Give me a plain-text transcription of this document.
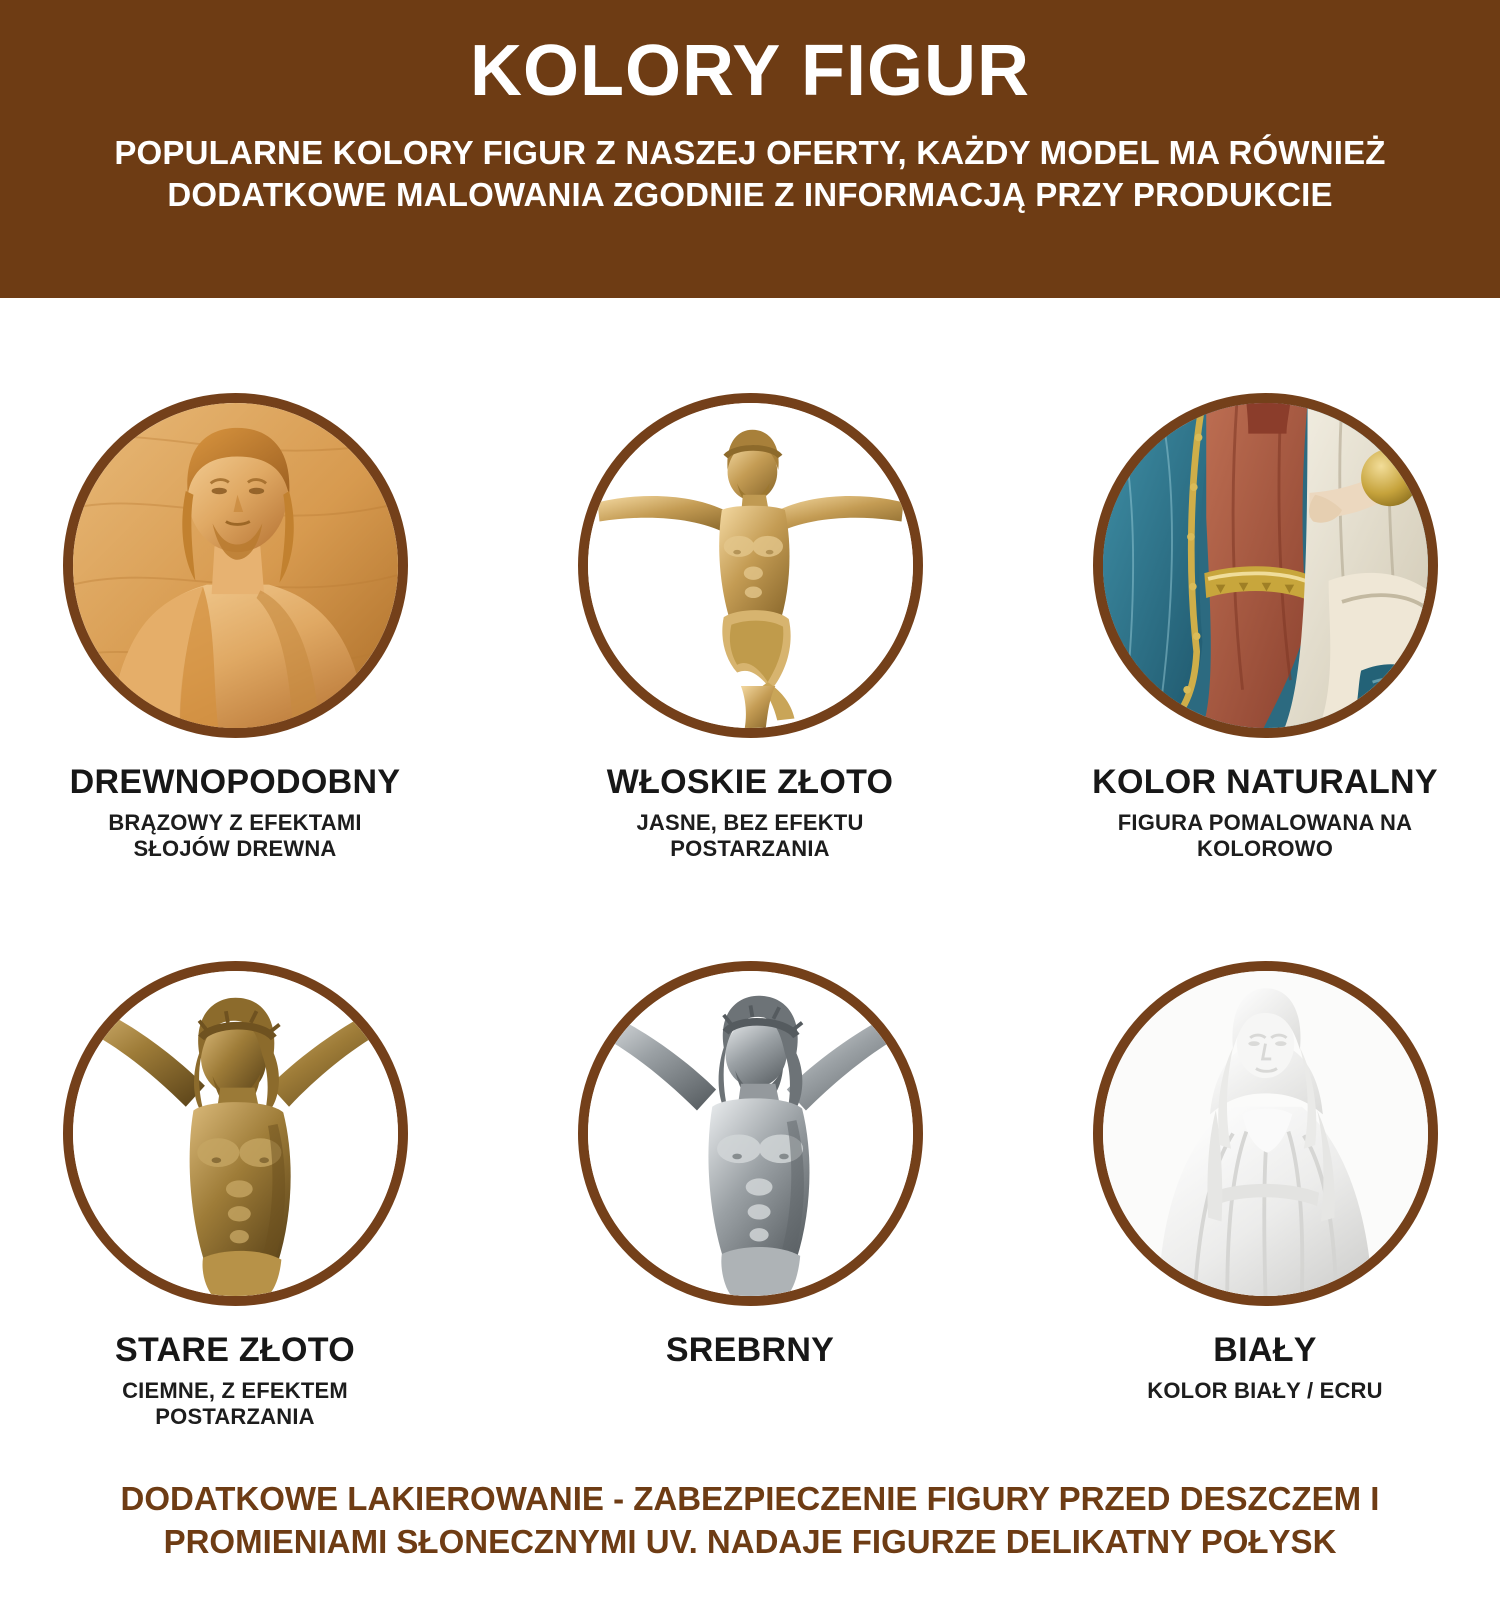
KOLORY FIGUR
POPULARNE KOLORY FIGUR Z NASZEJ OFERTY, KAŻDY MODEL MA RÓWNIEŻ DODATKOWE MALOWANIA ZGODNIE Z INFORMACJĄ PRZY PRODUKCIE
DREWNOPODOBNY
BRĄZOWY Z EFEKTAMI SŁOJÓW DREWNA
WŁOSKIE ZŁOTO
JASNE, BEZ EFEKTU POSTARZANIA
KOLOR NATURALNY
FIGURA POMALOWANA NA KOLOROWO
STARE ZŁOTO
CIEMNE, Z EFEKTEM POSTARZANIA
SREBRNY	BIAŁY
KOLOR BIAŁY / ECRU
DODATKOWE LAKIEROWANIE - ZABEZPIECZENIE FIGURY PRZED DESZCZEM I PROMIENIAMI SŁONECZNYMI UV. NADAJE FIGURZE DELIKATNY POŁYSK
